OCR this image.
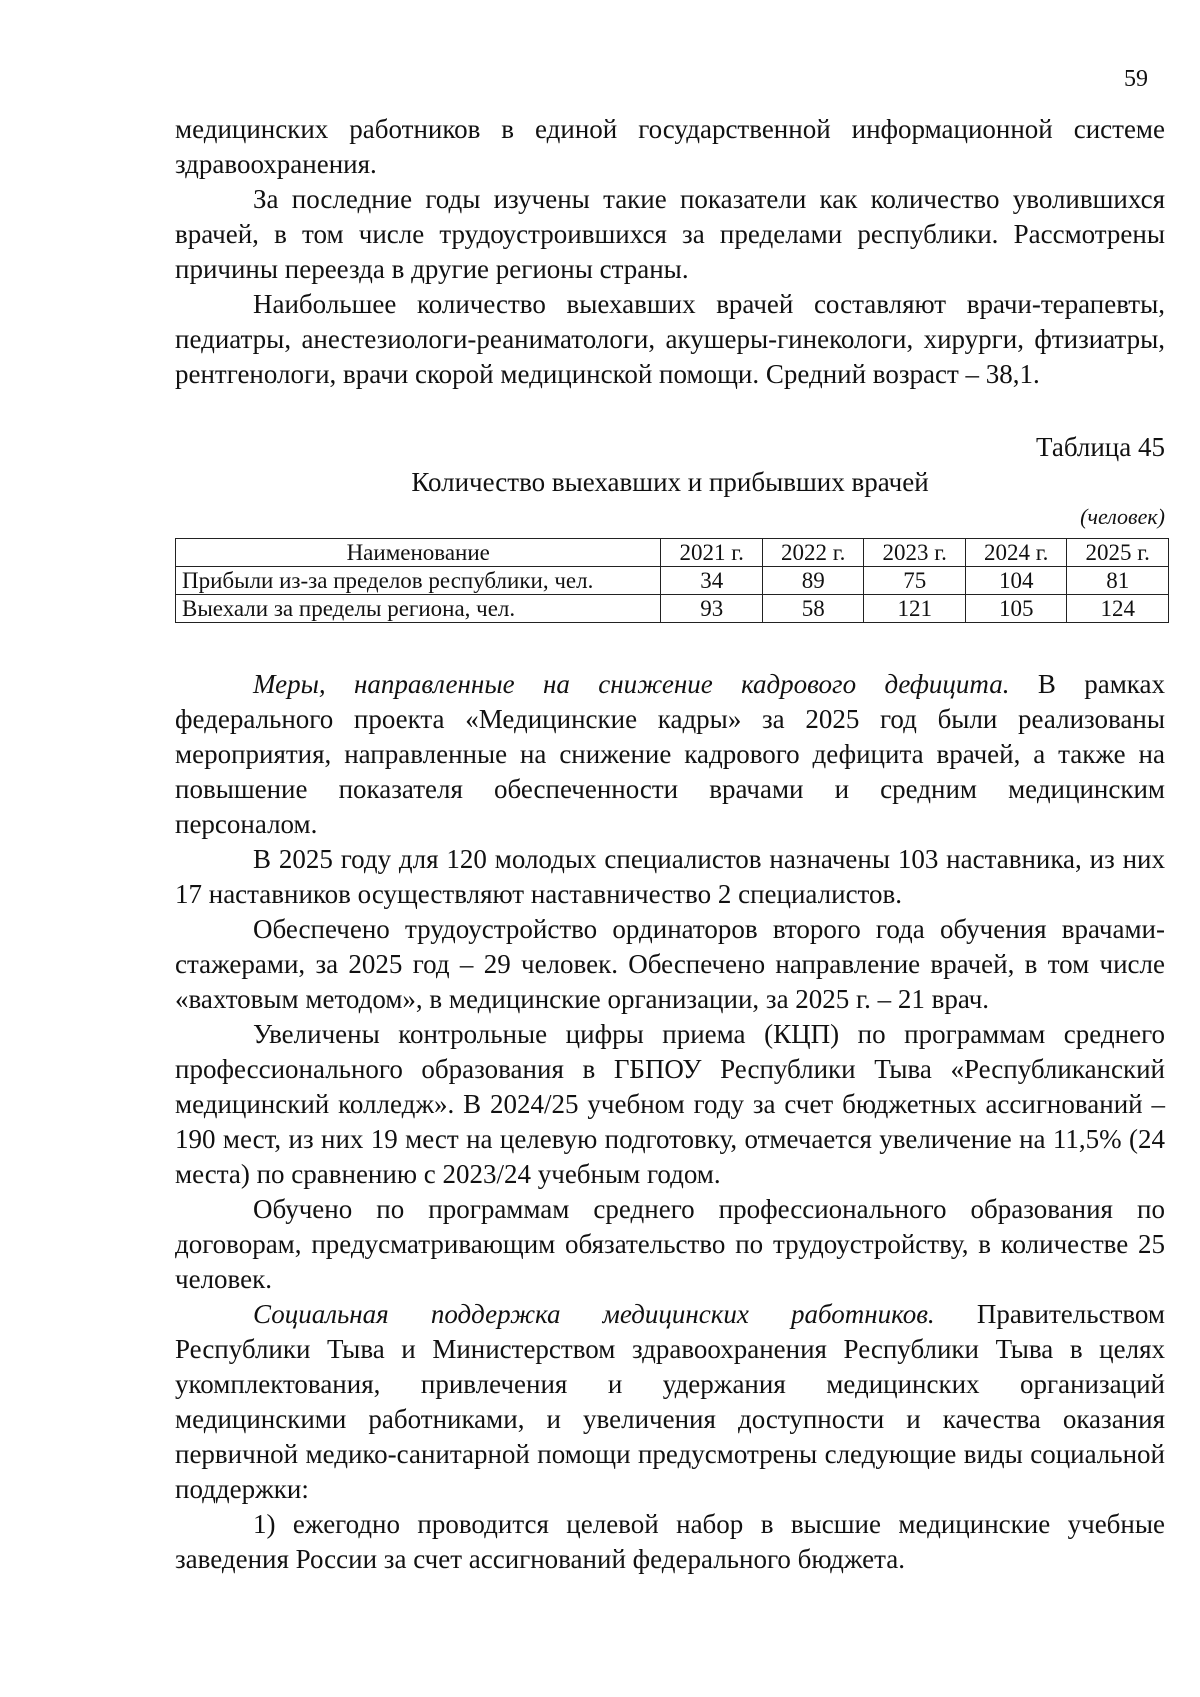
59

медицинских работников в единой государственной информационной системе здравоохранения.

За последние годы изучены такие показатели как количество уволившихся врачей, в том числе трудоустроившихся за пределами республики. Рассмотрены причины переезда в другие регионы страны.

Наибольшее количество выехавших врачей составляют врачи-терапевты, педиатры, анестезиологи-реаниматологи, акушеры-гинекологи, хирурги, фтизиатры, рентгенологи, врачи скорой медицинской помощи. Средний возраст – 38,1.

Таблица 45
Количество выехавших и прибывших врачей
(человек)
Наименование	2021 г.	2022 г.	2023 г.	2024 г.	2025 г.
Прибыли из-за пределов республики, чел.	34	89	75	104	81
Выехали за пределы региона, чел.	93	58	121	105	124

Меры, направленные на снижение кадрового дефицита. В рамках федерального проекта «Медицинские кадры» за 2025 год были реализованы мероприятия, направленные на снижение кадрового дефицита врачей, а также на повышение показателя обеспеченности врачами и средним медицинским персоналом.

В 2025 году для 120 молодых специалистов назначены 103 наставника, из них 17 наставников осуществляют наставничество 2 специалистов.

Обеспечено трудоустройство ординаторов второго года обучения врачами-стажерами, за 2025 год – 29 человек. Обеспечено направление врачей, в том числе «вахтовым методом», в медицинские организации, за 2025 г. – 21 врач.

Увеличены контрольные цифры приема (КЦП) по программам среднего профессионального образования в ГБПОУ Республики Тыва «Республиканский медицинский колледж». В 2024/25 учебном году за счет бюджетных ассигнований – 190 мест, из них 19 мест на целевую подготовку, отмечается увеличение на 11,5% (24 места) по сравнению с 2023/24 учебным годом.

Обучено по программам среднего профессионального образования по договорам, предусматривающим обязательство по трудоустройству, в количестве 25 человек.

Социальная поддержка медицинских работников. Правительством Республики Тыва и Министерством здравоохранения Республики Тыва в целях укомплектования, привлечения и удержания медицинских организаций медицинскими работниками, и увеличения доступности и качества оказания первичной медико-санитарной помощи предусмотрены следующие виды социальной поддержки:

1) ежегодно проводится целевой набор в высшие медицинские учебные заведения России за счет ассигнований федерального бюджета.
